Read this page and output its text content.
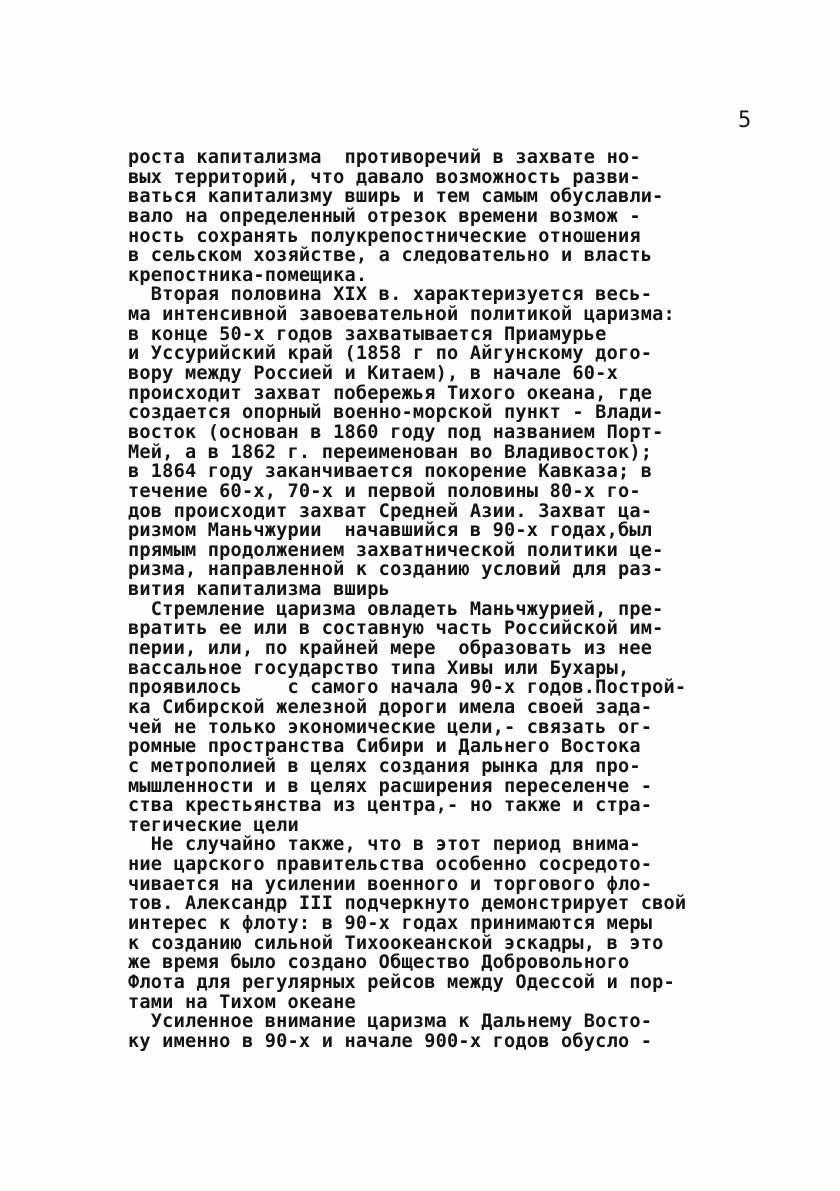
5
роста капитализма  противоречий в захвате но-
вых территорий, что давало возможность разви-
ваться капитализму вширь и тем самым обуславли-
вало на определенный отрезок времени возмож -
ность сохранять полукрепостнические отношения
в сельском хозяйстве, а следовательно и власть
крепостника-помещика.
Вторая половина XIX в. характеризуется весь-
ма интенсивной завоевательной политикой царизма:
в конце 50-х годов захватывается Приамурье
и Уссурийский край (1858 г по Айгунскому дого-
вору между Россией и Китаем), в начале 60-х
происходит захват побережья Тихого океана, где
создается опорный военно-морской пункт - Влади-
восток (основан в 1860 году под названием Порт-
Мей, а в 1862 г. переименован во Владивосток);
в 1864 году заканчивается покорение Кавказа; в
течение 60-х, 70-х и первой половины 80-х го-
дов происходит захват Средней Азии. Захват ца-
ризмом Маньчжурии  начавшийся в 90-х годах,был
прямым продолжением захватнической политики це-
ризма, направленной к созданию условий для раз-
вития капитализма вширь
Стремление царизма овладеть Маньчжурией, пре-
вратить ее или в составную часть Российской им-
перии, или, по крайней мере  образовать из нее
вассальное государство типа Хивы или Бухары,
проявилось    с самого начала 90-х годов.Построй-
ка Сибирской железной дороги имела своей зада-
чей не только экономические цели,- связать ог-
ромные пространства Сибири и Дальнего Востока
с метрополией в целях создания рынка для про-
мышленности и в целях расширения переселенче -
ства крестьянства из центра,- но также и стра-
тегические цели
Не случайно также, что в этот период внима-
ние царского правительства особенно сосредото-
чивается на усилении военного и торгового фло-
тов. Александр III подчеркнуто демонстрирует свой
интерес к флоту: в 90-х годах принимаются меры
к созданию сильной Тихоокеанской эскадры, в это
же время было создано Общество Добровольного
Флота для регулярных рейсов между Одессой и пор-
тами на Тихом океане
Усиленное внимание царизма к Дальнему Восто-
ку именно в 90-х и начале 900-х годов обусло -
